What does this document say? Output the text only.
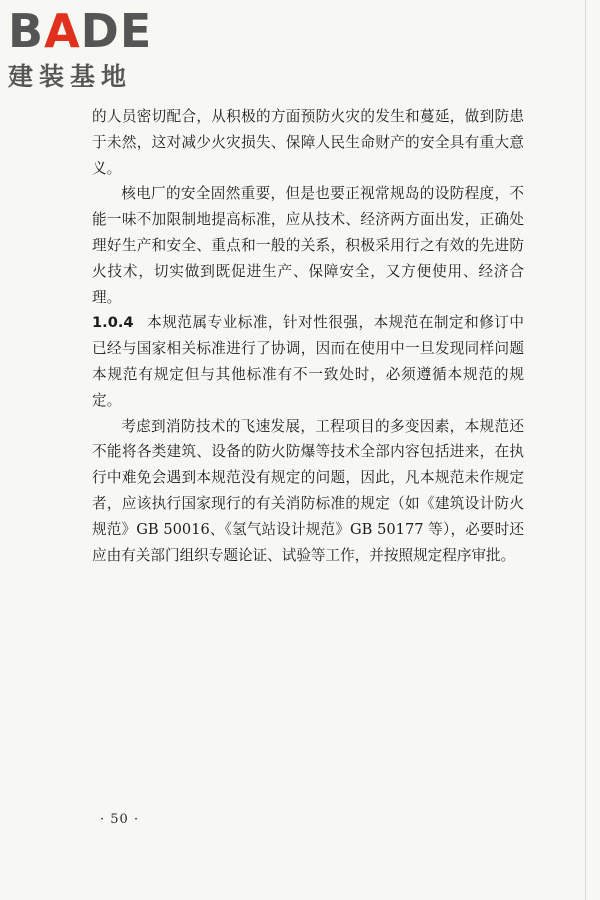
BADE
建装基地

的人员密切配合，从积极的方面预防火灾的发生和蔓延，做到防患于未然，这对减少火灾损失、保障人民生命财产的安全具有重大意义。

核电厂的安全固然重要，但是也要正视常规岛的设防程度，不能一味不加限制地提高标准，应从技术、经济两方面出发，正确处理好生产和安全、重点和一般的关系，积极采用行之有效的先进防火技术，切实做到既促进生产、保障安全，又方便使用、经济合理。

1.0.4 本规范属专业标准，针对性很强，本规范在制定和修订中已经与国家相关标准进行了协调，因而在使用中一旦发现同样问题本规范有规定但与其他标准有不一致处时，必须遵循本规范的规定。

考虑到消防技术的飞速发展，工程项目的多变因素，本规范还不能将各类建筑、设备的防火防爆等技术全部内容包括进来，在执行中难免会遇到本规范没有规定的问题，因此，凡本规范未作规定者，应该执行国家现行的有关消防标准的规定（如《建筑设计防火规范》GB 50016、《氢气站设计规范》GB 50177 等），必要时还应由有关部门组织专题论证、试验等工作，并按照规定程序审批。

· 50 ·
